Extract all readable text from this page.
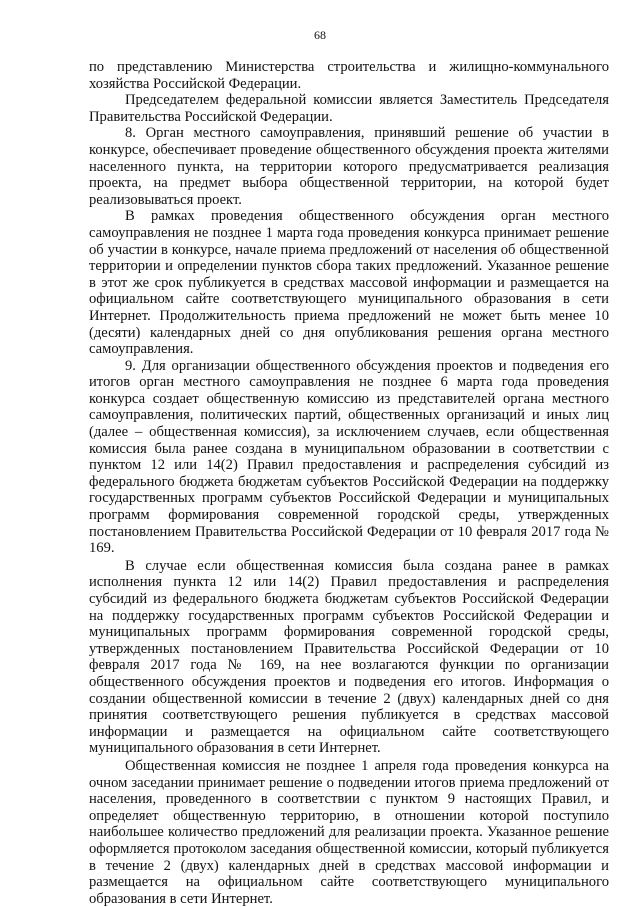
68

по представлению Министерства строительства и жилищно-коммунального хозяйства Российской Федерации.

Председателем федеральной комиссии является Заместитель Председателя Правительства Российской Федерации.

8. Орган местного самоуправления, принявший решение об участии в конкурсе, обеспечивает проведение общественного обсуждения проекта жителями населенного пункта, на территории которого предусматривается реализация проекта, на предмет выбора общественной территории, на которой будет реализовываться проект.

В рамках проведения общественного обсуждения орган местного самоуправления не позднее 1 марта года проведения конкурса принимает решение об участии в конкурсе, начале приема предложений от населения об общественной территории и определении пунктов сбора таких предложений. Указанное решение в этот же срок публикуется в средствах массовой информации и размещается на официальном сайте соответствующего муниципального образования в сети Интернет. Продолжительность приема предложений не может быть менее 10 (десяти) календарных дней со дня опубликования решения органа местного самоуправления.

9. Для организации общественного обсуждения проектов и подведения его итогов орган местного самоуправления не позднее 6 марта года проведения конкурса создает общественную комиссию из представителей органа местного самоуправления, политических партий, общественных организаций и иных лиц (далее – общественная комиссия), за исключением случаев, если общественная комиссия была ранее создана в муниципальном образовании в соответствии с пунктом 12 или 14(2) Правил предоставления и распределения субсидий из федерального бюджета бюджетам субъектов Российской Федерации на поддержку государственных программ субъектов Российской Федерации и муниципальных программ формирования современной городской среды, утвержденных постановлением Правительства Российской Федерации от 10 февраля 2017 года № 169.

В случае если общественная комиссия была создана ранее в рамках исполнения пункта 12 или 14(2) Правил предоставления и распределения субсидий из федерального бюджета бюджетам субъектов Российской Федерации на поддержку государственных программ субъектов Российской Федерации и муниципальных программ формирования современной городской среды, утвержденных постановлением Правительства Российской Федерации от 10 февраля 2017 года № 169, на нее возлагаются функции по организации общественного обсуждения проектов и подведения его итогов. Информация о создании общественной комиссии в течение 2 (двух) календарных дней со дня принятия соответствующего решения публикуется в средствах массовой информации и размещается на официальном сайте соответствующего муниципального образования в сети Интернет.

Общественная комиссия не позднее 1 апреля года проведения конкурса на очном заседании принимает решение о подведении итогов приема предложений от населения, проведенного в соответствии с пунктом 9 настоящих Правил, и определяет общественную территорию, в отношении которой поступило наибольшее количество предложений для реализации проекта. Указанное решение оформляется протоколом заседания общественной комиссии, который публикуется в течение 2 (двух) календарных дней в средствах массовой информации и размещается на официальном сайте соответствующего муниципального образования в сети Интернет.
